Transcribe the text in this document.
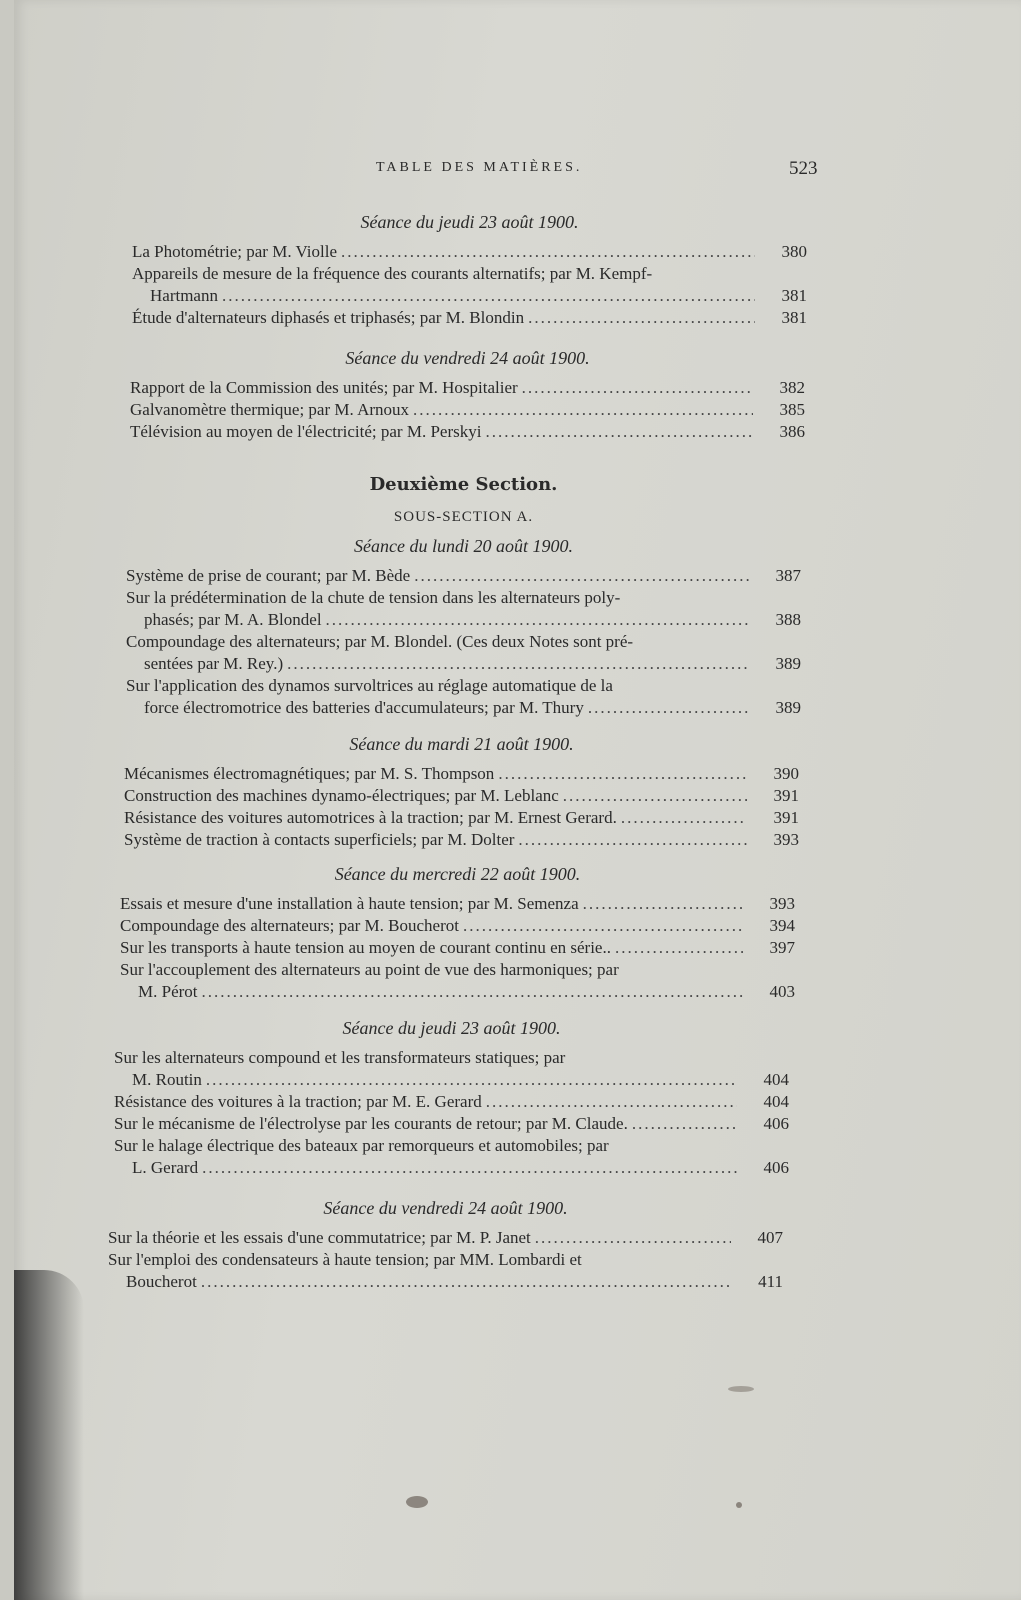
TABLE DES MATIÈRES.	523
Séance du jeudi 23 août 1900.
La Photométrie; par M. Violle .....	380
Appareils de mesure de la fréquence des courants alternatifs; par M. Kempf-
Hartmann .....	381
Étude d'alternateurs diphasés et triphasés; par M. Blondin .....	381
Séance du vendredi 24 août 1900.
Rapport de la Commission des unités; par M. Hospitalier .....	382
Galvanomètre thermique; par M. Arnoux .....	385
Télévision au moyen de l'électricité; par M. Perskyi .....	386
Deuxième Section.
SOUS-SECTION A.
Séance du lundi 20 août 1900.
Système de prise de courant; par M. Bède .....	387
Sur la prédétermination de la chute de tension dans les alternateurs poly-
phasés; par M. A. Blondel .....	388
Compoundage des alternateurs; par M. Blondel. (Ces deux Notes sont pré-
sentées par M. Rey.) .....	389
Sur l'application des dynamos survoltrices au réglage automatique de la
force électromotrice des batteries d'accumulateurs; par M. Thury .....	389
Séance du mardi 21 août 1900.
Mécanismes électromagnétiques; par M. S. Thompson .....	390
Construction des machines dynamo-électriques; par M. Leblanc .....	391
Résistance des voitures automotrices à la traction; par M. Ernest Gerard. .....	391
Système de traction à contacts superficiels; par M. Dolter .....	393
Séance du mercredi 22 août 1900.
Essais et mesure d'une installation à haute tension; par M. Semenza .....	393
Compoundage des alternateurs; par M. Boucherot .....	394
Sur les transports à haute tension au moyen de courant continu en série.. .....	397
Sur l'accouplement des alternateurs au point de vue des harmoniques; par
M. Pérot .....	403
Séance du jeudi 23 août 1900.
Sur les alternateurs compound et les transformateurs statiques; par
M. Routin .....	404
Résistance des voitures à la traction; par M. E. Gerard .....	404
Sur le mécanisme de l'électrolyse par les courants de retour; par M. Claude. .....	406
Sur le halage électrique des bateaux par remorqueurs et automobiles; par
L. Gerard .....	406
Séance du vendredi 24 août 1900.
Sur la théorie et les essais d'une commutatrice; par M. P. Janet .....	407
Sur l'emploi des condensateurs à haute tension; par MM. Lombardi et
Boucherot .....	411
